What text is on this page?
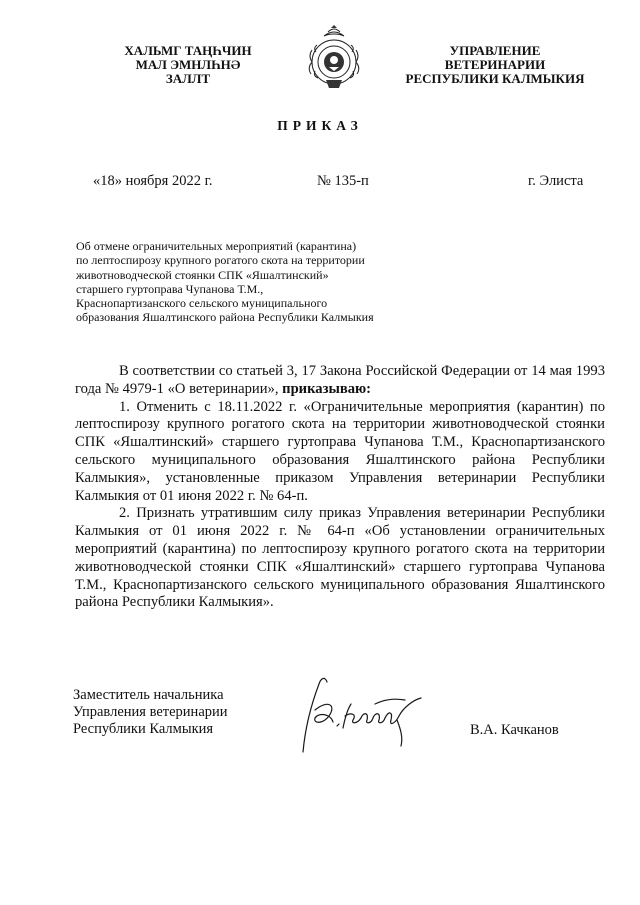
ХАЛЬМГ ТАҢҺЧИН
МАЛ ЭМНЛҺНӘ
ЗАЛЛТ
УПРАВЛЕНИЕ
ВЕТЕРИНАРИИ
РЕСПУБЛИКИ КАЛМЫКИЯ
ПРИКАЗ
«18» ноября 2022 г.	№ 135-п	г. Элиста
Об отмене ограничительных мероприятий (карантина)
по лептоспирозу крупного рогатого скота на территории
животноводческой стоянки СПК «Яшалтинский»
старшего гуртоправа Чупанова Т.М.,
Краснопартизанского сельского муниципального
образования Яшалтинского района Республики Калмыкия

В соответствии со статьей 3, 17 Закона Российской Федерации от 14 мая 1993 года № 4979-1 «О ветеринарии», приказываю:

1. Отменить с 18.11.2022 г. «Ограничительные мероприятия (карантин) по лептоспирозу крупного рогатого скота на территории животноводческой стоянки СПК «Яшалтинский» старшего гуртоправа Чупанова Т.М., Краснопартизанского сельского муниципального образования Яшалтинского района Республики Калмыкия», установленные приказом Управления ветеринарии Республики Калмыкия от 01 июня 2022 г. № 64-п.

2. Признать утратившим силу приказ Управления ветеринарии Республики Калмыкия от 01 июня 2022 г. № 64-п «Об установлении ограничительных мероприятий (карантина) по лептоспирозу крупного рогатого скота на территории животноводческой стоянки СПК «Яшалтинский» старшего гуртоправа Чупанова Т.М., Краснопартизанского сельского муниципального образования Яшалтинского района Республики Калмыкия».

Заместитель начальника
Управления ветеринарии
Республики Калмыкия	В.А. Качканов
